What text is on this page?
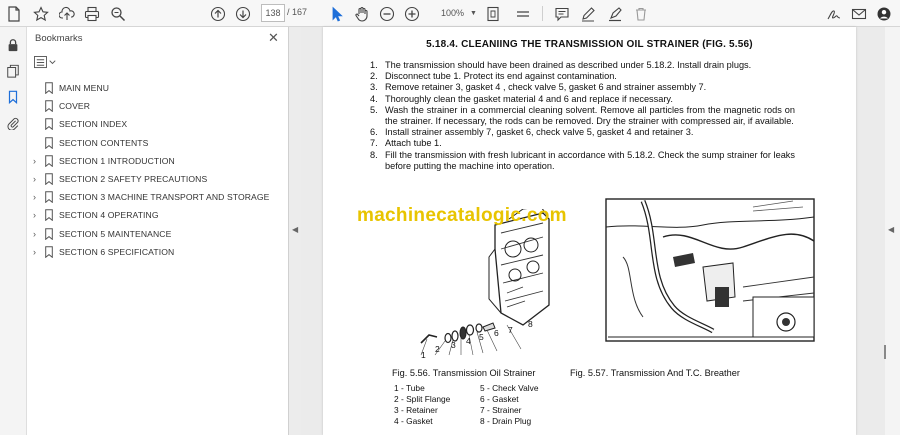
138 / 167	100% ▼
Bookmarks	✕
MAIN MENU
COVER
SECTION INDEX
SECTION CONTENTS
›	SECTION 1 INTRODUCTION
›	SECTION 2 SAFETY PRECAUTIONS
›	SECTION 3 MACHINE TRANSPORT AND STORAGE
›	SECTION 4 OPERATING
›	SECTION 5 MAINTENANCE
›	SECTION 6 SPECIFICATION
◀
5.18.4. CLEANIING THE TRANSMISSION OIL STRAINER (FIG. 5.56)
1. The transmission should have been drained as described under 5.18.2. Install drain plugs.
2. Disconnect tube 1. Protect its end against contamination.
3. Remove retainer 3, gasket 4 , check valve 5, gasket 6 and strainer assembly 7.
4. Thoroughly clean the gasket material 4 and 6 and replace if necessary.
5. Wash the strainer in a commercial cleaning solvent. Remove all particles from the magnetic rods on the strainer. If necessary, the rods can be removed. Dry the strainer with compressed air, if available.
6. Install strainer assembly 7, gasket 6, check valve 5, gasket 4 and retainer 3.
7. Attach tube 1.
8. Fill the transmission with fresh lubricant in accordance with 5.18.2. Check the sump strainer for leaks before putting the machine into operation.
1
2 3 4 5 6 7
8
machinecatalogic.com
Fig. 5.56. Transmission Oil Strainer	Fig. 5.57. Transmission And T.C. Breather
1 - Tube	5 - Check Valve
2 - Split Flange	6 - Gasket
3 - Retainer	7 - Strainer
4 - Gasket	8 - Drain Plug
◀
